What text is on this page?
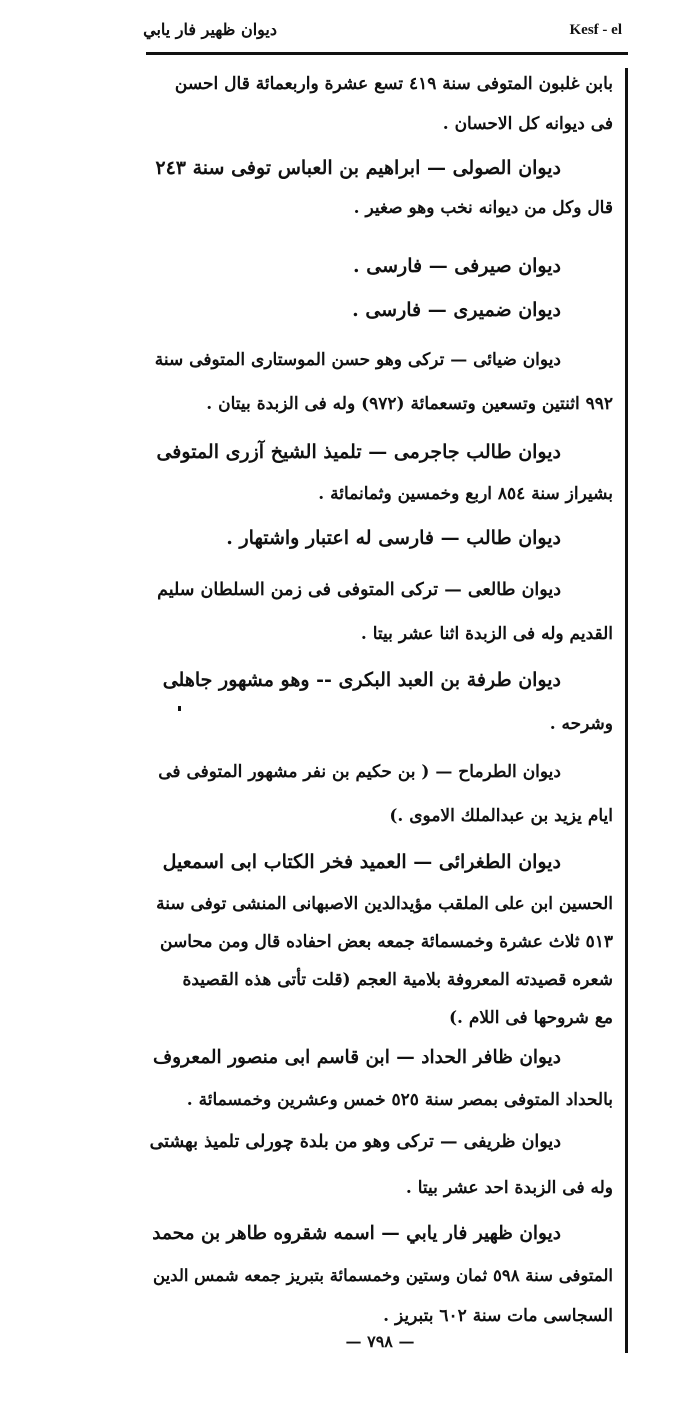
ديوان ظهير فار يابي	Kesf - el
بابن غلبون المتوفى سنة ٤١٩ تسع عشرة واربعمائة قال احسن
فى ديوانه كل الاحسان .
ديوان الصولى — ابراهيم بن العباس توفى سنة ٢٤٣
قال وكل من ديوانه نخب وهو صغير .
ديوان صيرفى — فارسى .
ديوان ضميرى — فارسى .
ديوان ضيائى — تركى وهو حسن الموستارى المتوفى سنة
٩٩٢ اثنتين وتسعين وتسعمائة (٩٧٢) وله فى الزبدة بيتان .
ديوان طالب جاجرمى — تلميذ الشيخ آزرى المتوفى
بشيراز سنة ٨٥٤ اربع وخمسين وثمانمائة .
ديوان طالب — فارسى له اعتبار واشتهار .
ديوان طالعى — تركى المتوفى فى زمن السلطان سليم
القديم وله فى الزبدة اثنا عشر بيتا .
ديوان طرفة بن العبد البكرى -- وهو مشهور جاهلى
وشرحه .
ديوان الطرماح — ( بن حكيم بن نفر مشهور المتوفى فى
ايام يزيد بن عبدالملك الاموى .)
ديوان الطغرائى — العميد فخر الكتاب ابى اسمعيل
الحسين ابن على الملقب مؤيدالدين الاصبهانى المنشى توفى سنة
٥١٣ ثلاث عشرة وخمسمائة جمعه بعض احفاده قال ومن محاسن
شعره قصيدته المعروفة بلامية العجم (قلت تأتى هذه القصيدة
مع شروحها فى اللام .)
ديوان ظافر الحداد — ابن قاسم ابى منصور المعروف
بالحداد المتوفى بمصر سنة ٥٢٥ خمس وعشرين وخمسمائة .
ديوان ظريفى — تركى وهو من بلدة چورلى تلميذ بهشتى
وله فى الزبدة احد عشر بيتا .
ديوان ظهير فار يابي — اسمه شقروه طاهر بن محمد
المتوفى سنة ٥٩٨ ثمان وستين وخمسمائة بتبريز جمعه شمس الدين
السجاسى مات سنة ٦٠٢ بتبريز .
— ٧٩٨ —
